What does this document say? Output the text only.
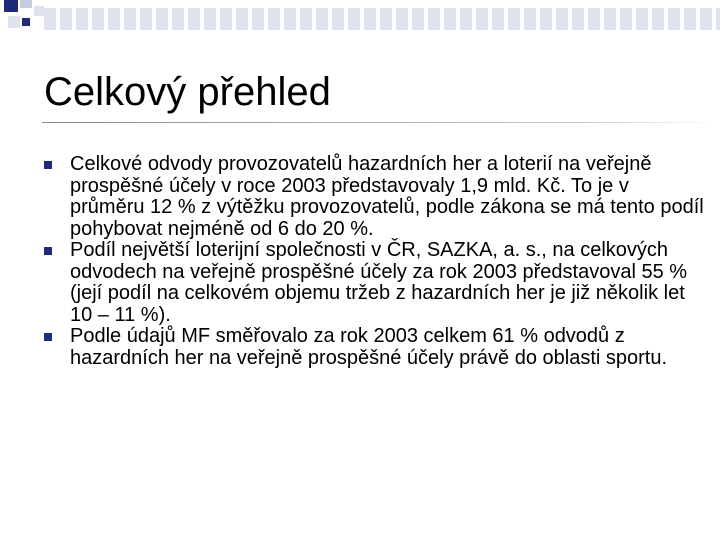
Celkový přehled
Celkové odvody provozovatelů hazardních her a loterií na veřejně prospěšné účely v roce 2003 představovaly 1,9 mld. Kč. To je v průměru 12 % z výtěžku provozovatelů, podle zákona se má tento podíl pohybovat nejméně od 6 do 20 %.
Podíl největší loterijní společnosti v ČR, SAZKA, a. s., na celkových odvodech na veřejně prospěšné účely za rok 2003 představoval 55 % (její podíl na celkovém objemu tržeb z hazardních her je již několik let 10 – 11 %).
Podle údajů MF směřovalo za rok 2003 celkem 61 % odvodů z hazardních her na veřejně prospěšné účely právě do oblasti sportu.
